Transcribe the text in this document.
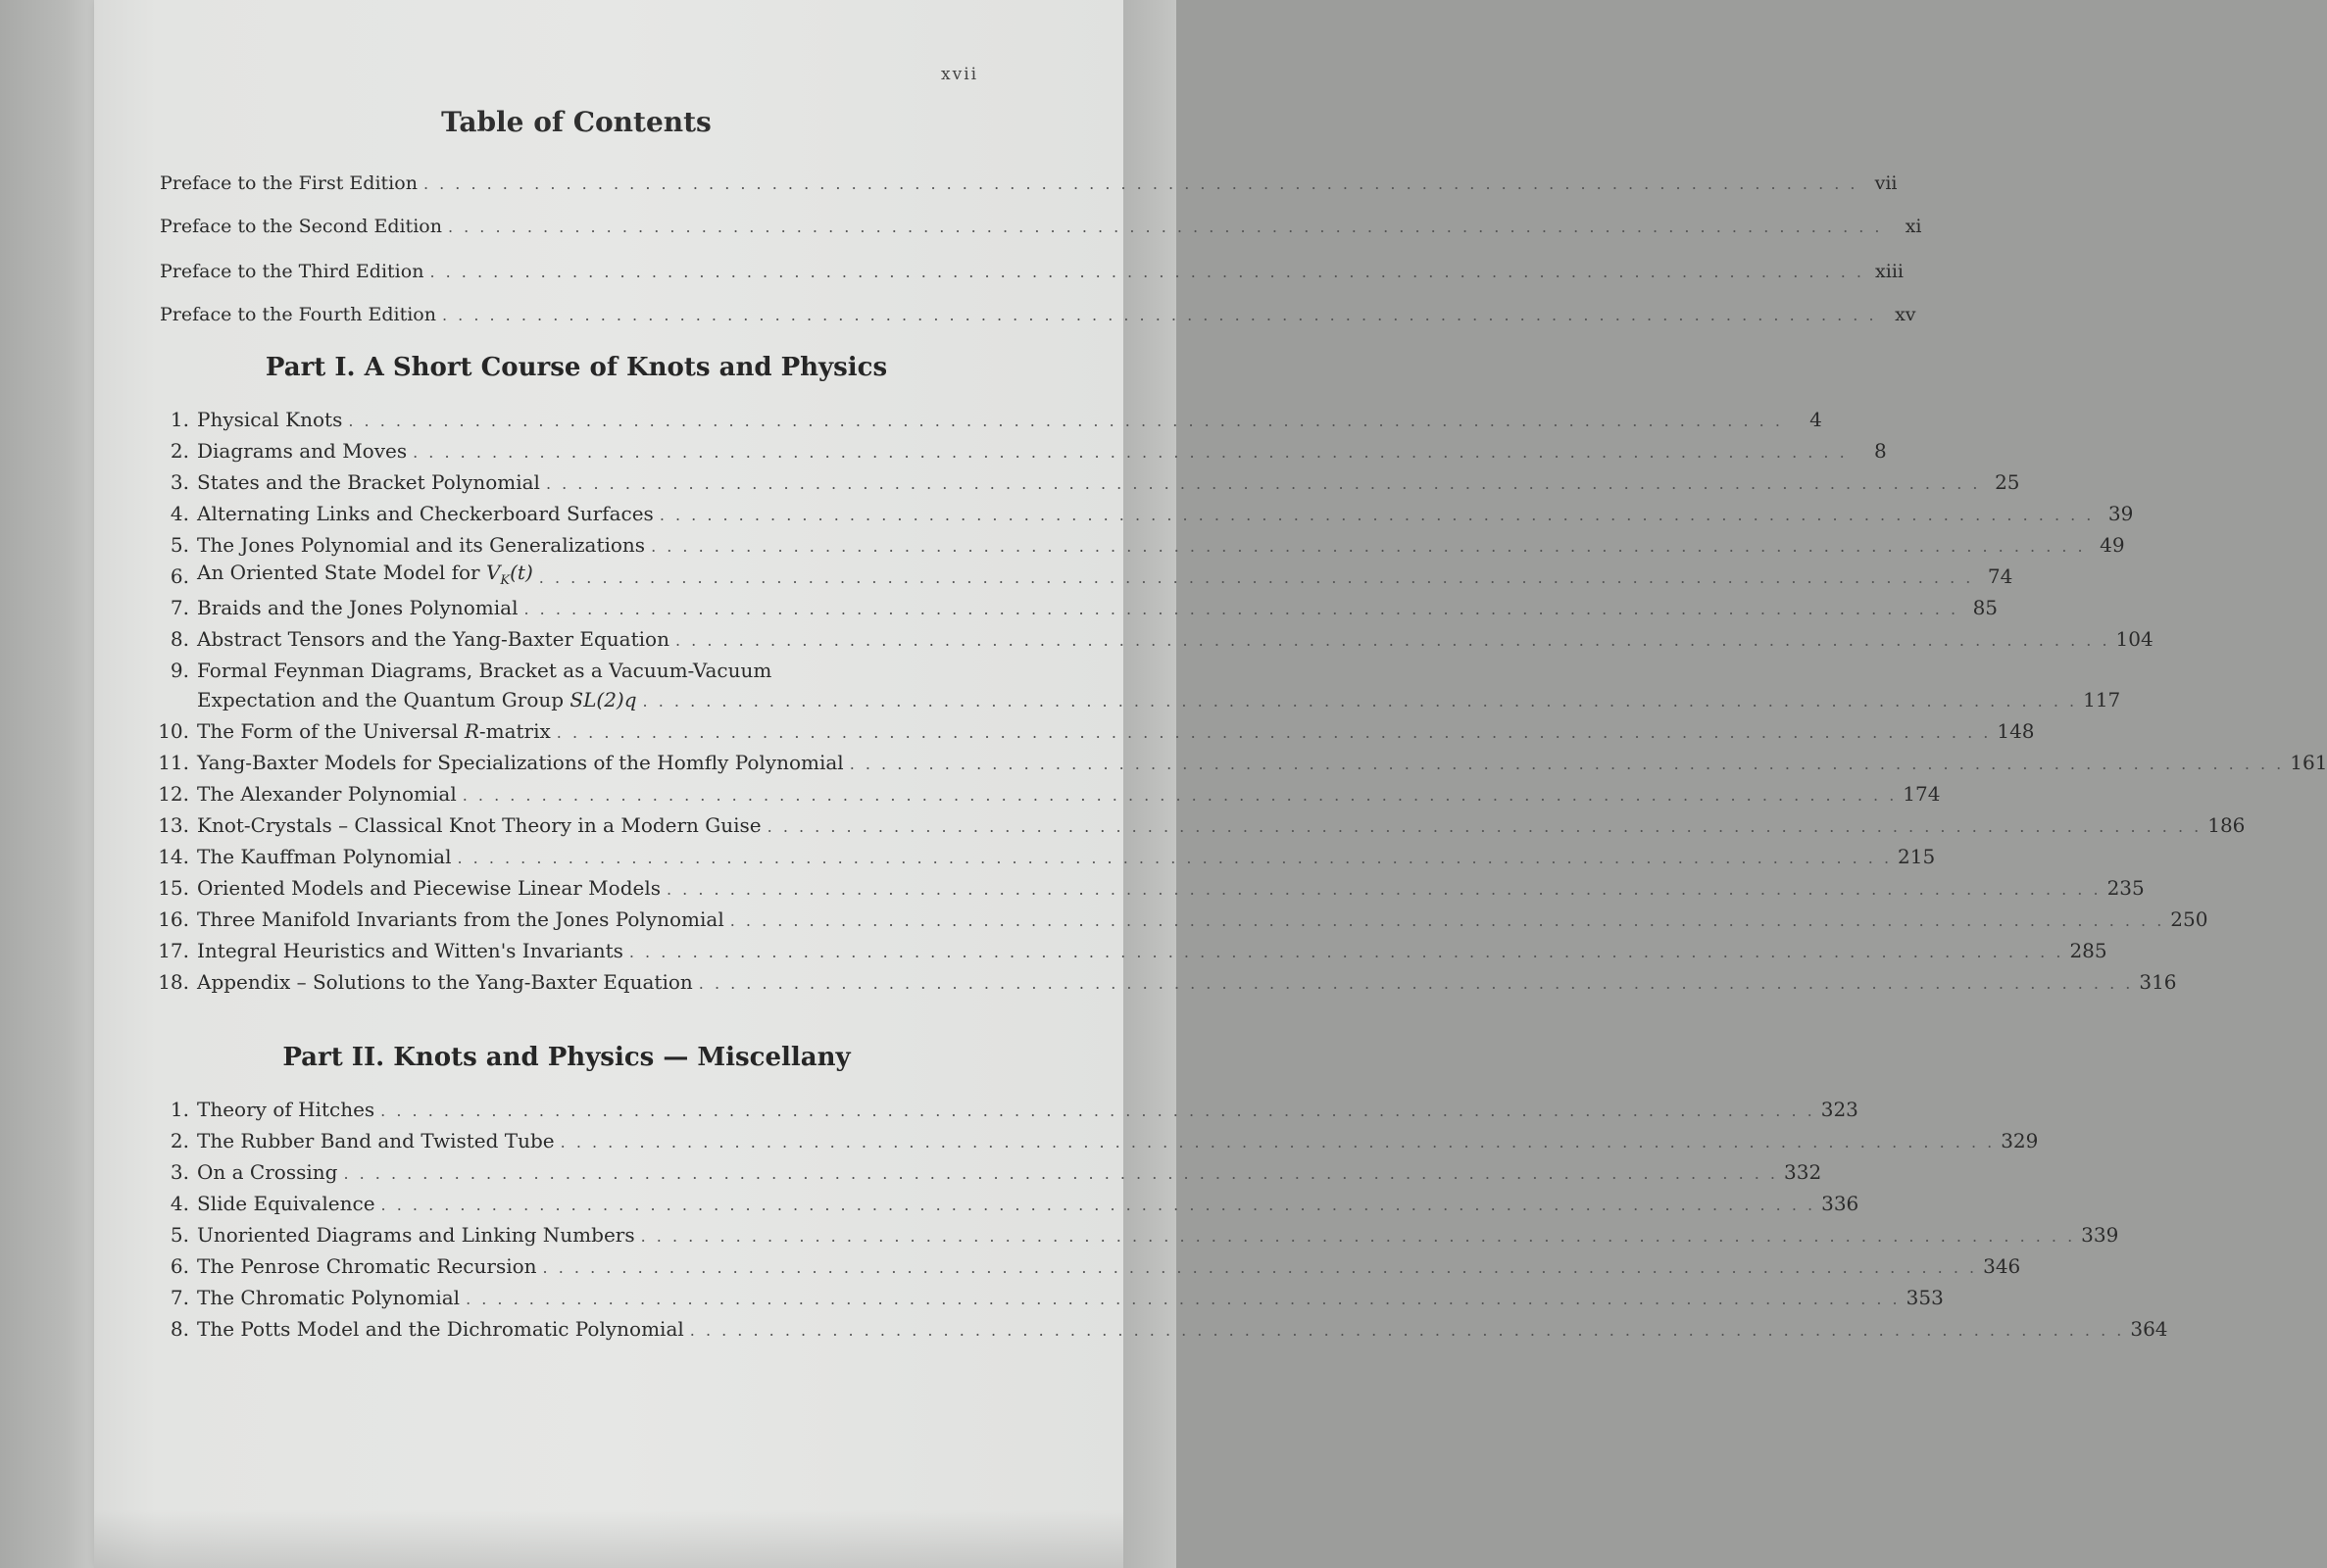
xvii
Table of Contents
Preface to the First Edition . . . . . . . . . . . . . . . . . . . . . . . . . . . . . . . . . . . . . . . . . . . . . . . . . . . . . . . . . . . . . . . . . . . . . . . . . . . . . . . . . . . . . . . . . . . vii
Preface to the Second Edition . . . . . . . . . . . . . . . . . . . . . . . . . . . . . . . . . . . . . . . . . . . . . . . . . . . . . . . . . . . . . . . . . . . . . . . . . . . . . . . . . . . . . . . . . . .	xi
Preface to the Third Edition . . . . . . . . . . . . . . . . . . . . . . . . . . . . . . . . . . . . . . . . . . . . . . . . . . . . . . . . . . . . . . . . . . . . . . . . . . . . . . . . . . . . . . . . . . . xiii
Preface to the Fourth Edition . . . . . . . . . . . . . . . . . . . . . . . . . . . . . . . . . . . . . . . . . . . . . . . . . . . . . . . . . . . . . . . . . . . . . . . . . . . . . . . . . . . . . . . . . . . xv
Part I. A Short Course of Knots and Physics
1. Physical Knots . . . . . . . . . . . . . . . . . . . . . . . . . . . . . . . . . . . . . . . . . . . . . . . . . . . . . . . . . . . . . . . . . . . . . . . . . . . . . . . . . . . . . . . . . . .	4
2. Diagrams and Moves . . . . . . . . . . . . . . . . . . . . . . . . . . . . . . . . . . . . . . . . . . . . . . . . . . . . . . . . . . . . . . . . . . . . . . . . . . . . . . . . . . . . . . . . . . .	8
3. States and the Bracket Polynomial . . . . . . . . . . . . . . . . . . . . . . . . . . . . . . . . . . . . . . . . . . . . . . . . . . . . . . . . . . . . . . . . . . . . . . . . . . . . . . . . . . . . . . . . . . . 25
4. Alternating Links and Checkerboard Surfaces . . . . . . . . . . . . . . . . . . . . . . . . . . . . . . . . . . . . . . . . . . . . . . . . . . . . . . . . . . . . . . . . . . . . . . . . . . . . . . . . . . . . . . . . . . . 39
5. The Jones Polynomial and its Generalizations . . . . . . . . . . . . . . . . . . . . . . . . . . . . . . . . . . . . . . . . . . . . . . . . . . . . . . . . . . . . . . . . . . . . . . . . . . . . . . . . . . . . . . . . . . . 49
6. An Oriented State Model for $V_K(t)$ . . . . . . . . . . . . . . . . . . . . . . . . . . . . . . . . . . . . . . . . . . . . . . . . . . . . . . . . . . . . . . . . . . . . . . . . . . . . . . . . . . . . . . . . . . . 74
7. Braids and the Jones Polynomial . . . . . . . . . . . . . . . . . . . . . . . . . . . . . . . . . . . . . . . . . . . . . . . . . . . . . . . . . . . . . . . . . . . . . . . . . . . . . . . . . . . . . . . . . . . 85
8. Abstract Tensors and the Yang-Baxter Equation . . . . . . . . . . . . . . . . . . . . . . . . . . . . . . . . . . . . . . . . . . . . . . . . . . . . . . . . . . . . . . . . . . . . . . . . . . . . . . . . . . . . . . . . . . . 104
9. Formal Feynman Diagrams, Bracket as a Vacuum-Vacuum
Expectation and the Quantum Group SL(2)q . . . . . . . . . . . . . . . . . . . . . . . . . . . . . . . . . . . . . . . . . . . . . . . . . . . . . . . . . . . . . . . . . . . . . . . . . . . . . . . . . . . . . . . . . . . 117
10. The Form of the Universal R-matrix . . . . . . . . . . . . . . . . . . . . . . . . . . . . . . . . . . . . . . . . . . . . . . . . . . . . . . . . . . . . . . . . . . . . . . . . . . . . . . . . . . . . . . . . . . . 148
11. Yang-Baxter Models for Specializations of the Homfly Polynomial . . . . . . . . . . . . . . . . . . . . . . . . . . . . . . . . . . . . . . . . . . . . . . . . . . . . . . . . . . . . . . . . . . . . . . . . . . . . . . . . . . . . . . . . . . . 161
12. The Alexander Polynomial . . . . . . . . . . . . . . . . . . . . . . . . . . . . . . . . . . . . . . . . . . . . . . . . . . . . . . . . . . . . . . . . . . . . . . . . . . . . . . . . . . . . . . . . . . . 174
13. Knot-Crystals – Classical Knot Theory in a Modern Guise . . . . . . . . . . . . . . . . . . . . . . . . . . . . . . . . . . . . . . . . . . . . . . . . . . . . . . . . . . . . . . . . . . . . . . . . . . . . . . . . . . . . . . . . . . . 186
14. The Kauffman Polynomial . . . . . . . . . . . . . . . . . . . . . . . . . . . . . . . . . . . . . . . . . . . . . . . . . . . . . . . . . . . . . . . . . . . . . . . . . . . . . . . . . . . . . . . . . . . 215
15. Oriented Models and Piecewise Linear Models . . . . . . . . . . . . . . . . . . . . . . . . . . . . . . . . . . . . . . . . . . . . . . . . . . . . . . . . . . . . . . . . . . . . . . . . . . . . . . . . . . . . . . . . . . . 235
16. Three Manifold Invariants from the Jones Polynomial . . . . . . . . . . . . . . . . . . . . . . . . . . . . . . . . . . . . . . . . . . . . . . . . . . . . . . . . . . . . . . . . . . . . . . . . . . . . . . . . . . . . . . . . . . . 250
17. Integral Heuristics and Witten's Invariants . . . . . . . . . . . . . . . . . . . . . . . . . . . . . . . . . . . . . . . . . . . . . . . . . . . . . . . . . . . . . . . . . . . . . . . . . . . . . . . . . . . . . . . . . . . 285
18. Appendix – Solutions to the Yang-Baxter Equation . . . . . . . . . . . . . . . . . . . . . . . . . . . . . . . . . . . . . . . . . . . . . . . . . . . . . . . . . . . . . . . . . . . . . . . . . . . . . . . . . . . . . . . . . . . 316
Part II. Knots and Physics — Miscellany
1. Theory of Hitches . . . . . . . . . . . . . . . . . . . . . . . . . . . . . . . . . . . . . . . . . . . . . . . . . . . . . . . . . . . . . . . . . . . . . . . . . . . . . . . . . . . . . . . . . . . 323
2. The Rubber Band and Twisted Tube . . . . . . . . . . . . . . . . . . . . . . . . . . . . . . . . . . . . . . . . . . . . . . . . . . . . . . . . . . . . . . . . . . . . . . . . . . . . . . . . . . . . . . . . . . . 329
3. On a Crossing . . . . . . . . . . . . . . . . . . . . . . . . . . . . . . . . . . . . . . . . . . . . . . . . . . . . . . . . . . . . . . . . . . . . . . . . . . . . . . . . . . . . . . . . . . . 332
4. Slide Equivalence . . . . . . . . . . . . . . . . . . . . . . . . . . . . . . . . . . . . . . . . . . . . . . . . . . . . . . . . . . . . . . . . . . . . . . . . . . . . . . . . . . . . . . . . . . . 336
5. Unoriented Diagrams and Linking Numbers . . . . . . . . . . . . . . . . . . . . . . . . . . . . . . . . . . . . . . . . . . . . . . . . . . . . . . . . . . . . . . . . . . . . . . . . . . . . . . . . . . . . . . . . . . . 339
6. The Penrose Chromatic Recursion . . . . . . . . . . . . . . . . . . . . . . . . . . . . . . . . . . . . . . . . . . . . . . . . . . . . . . . . . . . . . . . . . . . . . . . . . . . . . . . . . . . . . . . . . . . 346
7. The Chromatic Polynomial . . . . . . . . . . . . . . . . . . . . . . . . . . . . . . . . . . . . . . . . . . . . . . . . . . . . . . . . . . . . . . . . . . . . . . . . . . . . . . . . . . . . . . . . . . . 353
8. The Potts Model and the Dichromatic Polynomial . . . . . . . . . . . . . . . . . . . . . . . . . . . . . . . . . . . . . . . . . . . . . . . . . . . . . . . . . . . . . . . . . . . . . . . . . . . . . . . . . . . . . . . . . . . 364
